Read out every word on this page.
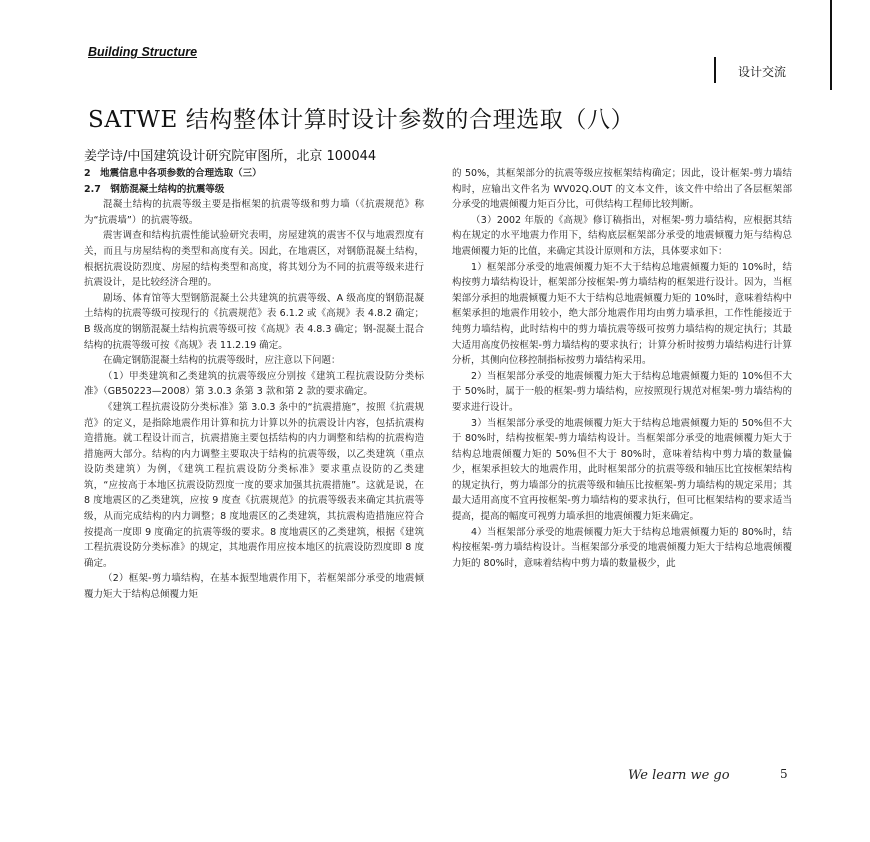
Building Structure
设计交流
SATWE 结构整体计算时设计参数的合理选取（八）
姜学诗/中国建筑设计研究院审图所，北京 100044

2　地震信息中各项参数的合理选取（三）

2.7　钢筋混凝土结构的抗震等级

混凝土结构的抗震等级主要是指框架的抗震等级和剪力墙（《抗震规范》称为“抗震墙”）的抗震等级。

震害调查和结构抗震性能试验研究表明，房屋建筑的震害不仅与地震烈度有关，而且与房屋结构的类型和高度有关。因此，在地震区，对钢筋混凝土结构，根据抗震设防烈度、房屋的结构类型和高度，将其划分为不同的抗震等级来进行抗震设计，是比较经济合理的。

剧场、体育馆等大型钢筋混凝土公共建筑的抗震等级、A 级高度的钢筋混凝土结构的抗震等级可按现行的《抗震规范》表 6.1.2 或《高规》表 4.8.2 确定；B 级高度的钢筋混凝土结构抗震等级可按《高规》表 4.8.3 确定；钢-混凝土混合结构的抗震等级可按《高规》表 11.2.19 确定。

在确定钢筋混凝土结构的抗震等级时，应注意以下问题：

（1）甲类建筑和乙类建筑的抗震等级应分别按《建筑工程抗震设防分类标准》（GB50223—2008）第 3.0.3 条第 3 款和第 2 款的要求确定。

《建筑工程抗震设防分类标准》第 3.0.3 条中的“抗震措施”，按照《抗震规范》的定义，是指除地震作用计算和抗力计算以外的抗震设计内容，包括抗震构造措施。就工程设计而言，抗震措施主要包括结构的内力调整和结构的抗震构造措施两大部分。结构的内力调整主要取决于结构的抗震等级，以乙类建筑（重点设防类建筑）为例，《建筑工程抗震设防分类标准》要求重点设防的乙类建筑，“应按高于本地区抗震设防烈度一度的要求加强其抗震措施”。这就是说，在 8 度地震区的乙类建筑，应按 9 度查《抗震规范》的抗震等级表来确定其抗震等级，从而完成结构的内力调整；8 度地震区的乙类建筑，其抗震构造措施应符合按提高一度即 9 度确定的抗震等级的要求。8 度地震区的乙类建筑，根据《建筑工程抗震设防分类标准》的规定，其地震作用应按本地区的抗震设防烈度即 8 度确定。

（2）框架-剪力墙结构，在基本振型地震作用下，若框架部分承受的地震倾覆力矩大于结构总倾覆力矩

的 50%，其框架部分的抗震等级应按框架结构确定；因此，设计框架-剪力墙结构时，应输出文件名为 WV02Q.OUT 的文本文件，该文件中给出了各层框架部分承受的地震倾覆力矩百分比，可供结构工程师比较判断。

（3）2002 年版的《高规》修订稿指出，对框架-剪力墙结构，应根据其结构在规定的水平地震力作用下，结构底层框架部分承受的地震倾覆力矩与结构总地震倾覆力矩的比值，来确定其设计原则和方法，具体要求如下：

1）框架部分承受的地震倾覆力矩不大于结构总地震倾覆力矩的 10%时，结构按剪力墙结构设计，框架部分按框架-剪力墙结构的框架进行设计。因为，当框架部分承担的地震倾覆力矩不大于结构总地震倾覆力矩的 10%时，意味着结构中框架承担的地震作用较小，绝大部分地震作用均由剪力墙承担，工作性能接近于纯剪力墙结构，此时结构中的剪力墙抗震等级可按剪力墙结构的规定执行；其最大适用高度仍按框架-剪力墙结构的要求执行；计算分析时按剪力墙结构进行计算分析，其侧向位移控制指标按剪力墙结构采用。

2）当框架部分承受的地震倾覆力矩大于结构总地震倾覆力矩的 10%但不大于 50%时，属于一般的框架-剪力墙结构，应按照现行规范对框架-剪力墙结构的要求进行设计。

3）当框架部分承受的地震倾覆力矩大于结构总地震倾覆力矩的 50%但不大于 80%时，结构按框架-剪力墙结构设计。当框架部分承受的地震倾覆力矩大于结构总地震倾覆力矩的 50%但不大于 80%时，意味着结构中剪力墙的数量偏少，框架承担较大的地震作用，此时框架部分的抗震等级和轴压比宜按框架结构的规定执行，剪力墙部分的抗震等级和轴压比按框架-剪力墙结构的规定采用；其最大适用高度不宜再按框架-剪力墙结构的要求执行，但可比框架结构的要求适当提高，提高的幅度可视剪力墙承担的地震倾覆力矩来确定。

4）当框架部分承受的地震倾覆力矩大于结构总地震倾覆力矩的 80%时，结构按框架-剪力墙结构设计。当框架部分承受的地震倾覆力矩大于结构总地震倾覆力矩的 80%时，意味着结构中剪力墙的数量极少，此

We learn we go	5
